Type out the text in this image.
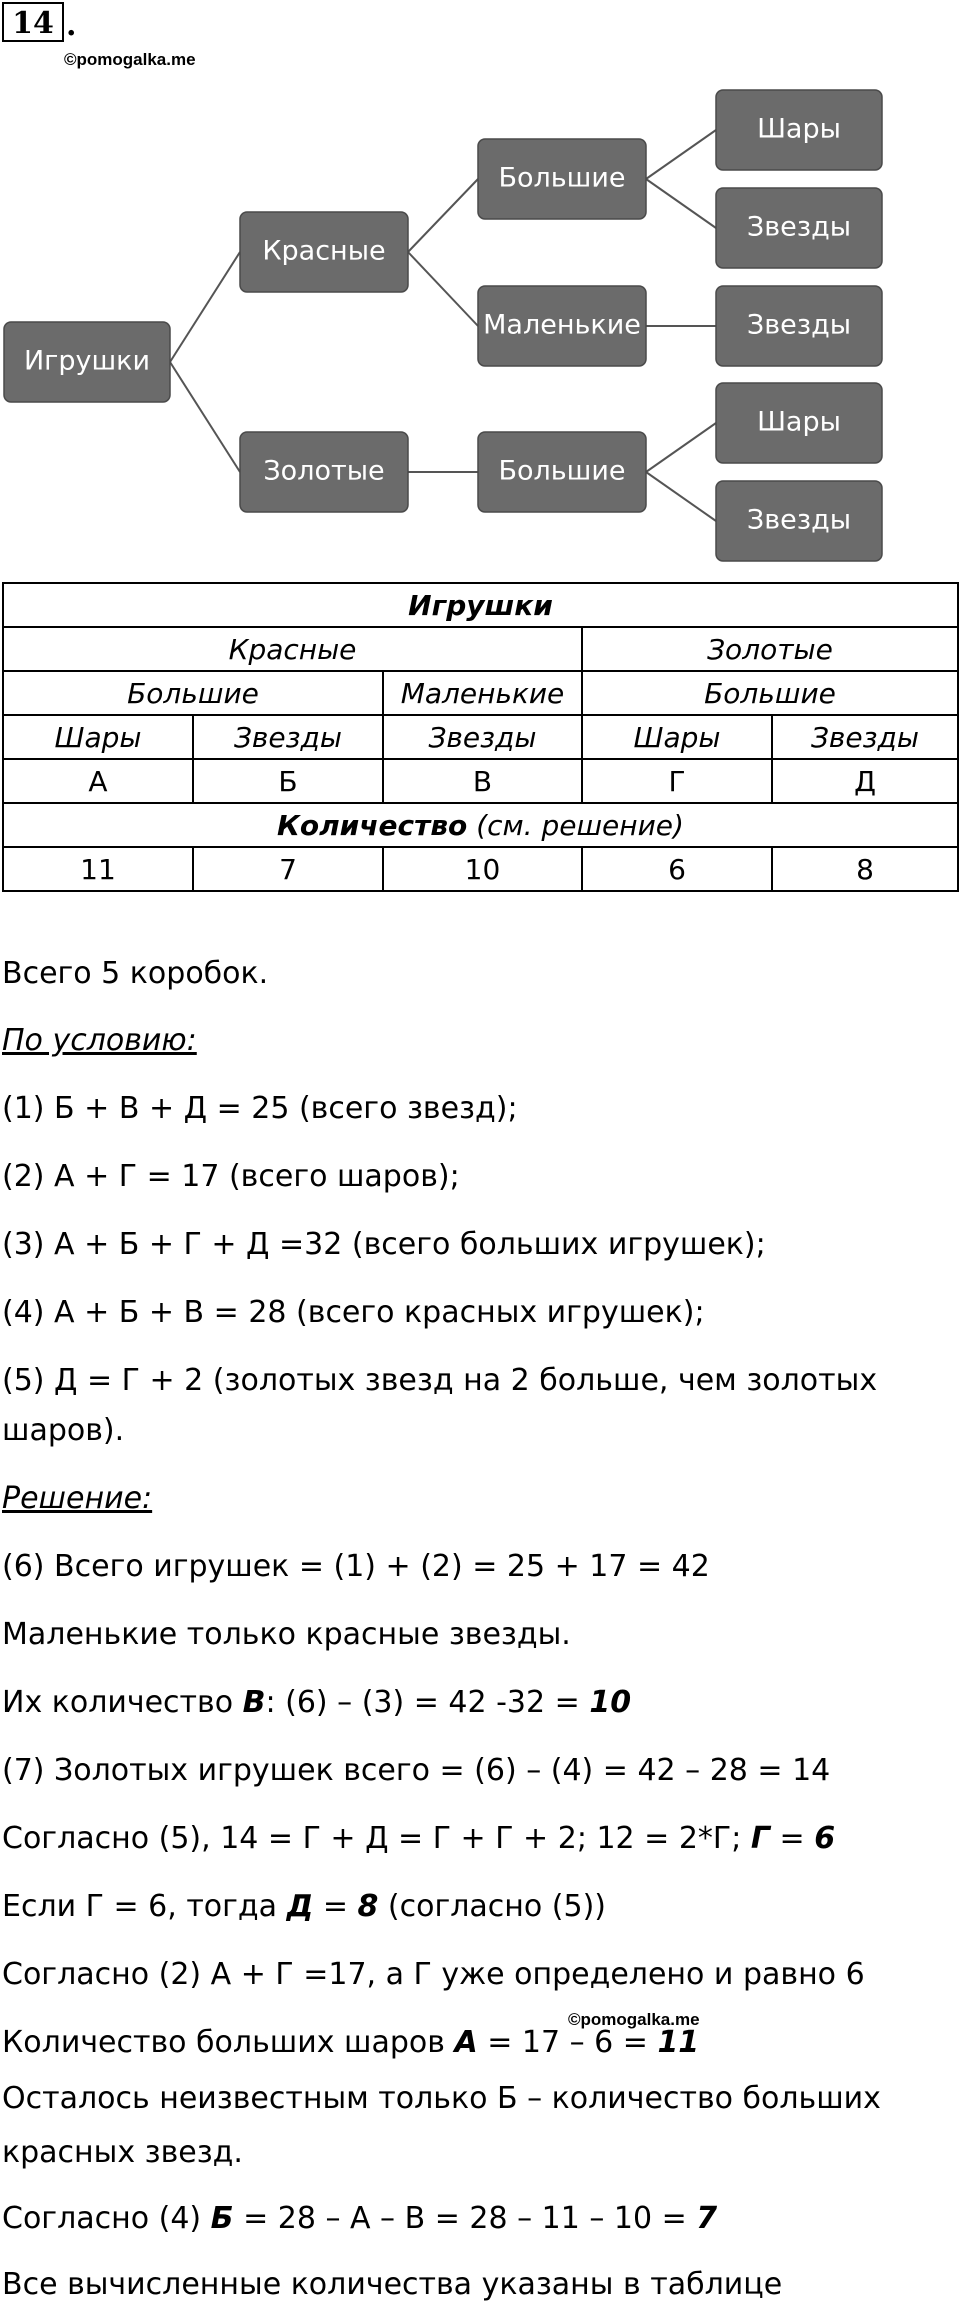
14 .
©pomogalka.me
Игрушки
Красные
Золотые
Большие
Маленькие
Большие
Шары
Звезды
Звезды
Шары
Звезды
Игрушки				
Красные			Золотые	
Большие		Маленькие	Большие	
Шары	Звезды	Звезды	Шары	Звезды
А	Б	В	Г	Д
Количество (см. решение)				
11	7	10	6	8
Всего 5 коробок.
По условию:
(1) Б + В + Д = 25 (всего звезд);
(2) А + Г = 17 (всего шаров);
(3) А + Б + Г + Д =32 (всего больших игрушек);
(4) А + Б + В = 28 (всего красных игрушек);
(5) Д = Г + 2 (золотых звезд на 2 больше, чем золотых
шаров).
Решение:
(6) Всего игрушек = (1) + (2) = 25 + 17 = 42
Маленькие только красные звезды.
Их количество В: (6) – (3) = 42 -32 = 10
(7) Золотых игрушек всего = (6) – (4) = 42 – 28 = 14
Согласно (5), 14 = Г + Д = Г + Г + 2; 12 = 2*Г; Г = 6
Если Г = 6, тогда Д = 8 (согласно (5))
Согласно (2) А + Г =17, а Г уже определено и равно 6
©pomogalka.me
Количество больших шаров А = 17 – 6 = 11
Осталось неизвестным только Б – количество больших
красных звезд.
Согласно (4) Б = 28 – А – В = 28 – 11 – 10 = 7
Все вычисленные количества указаны в таблице
